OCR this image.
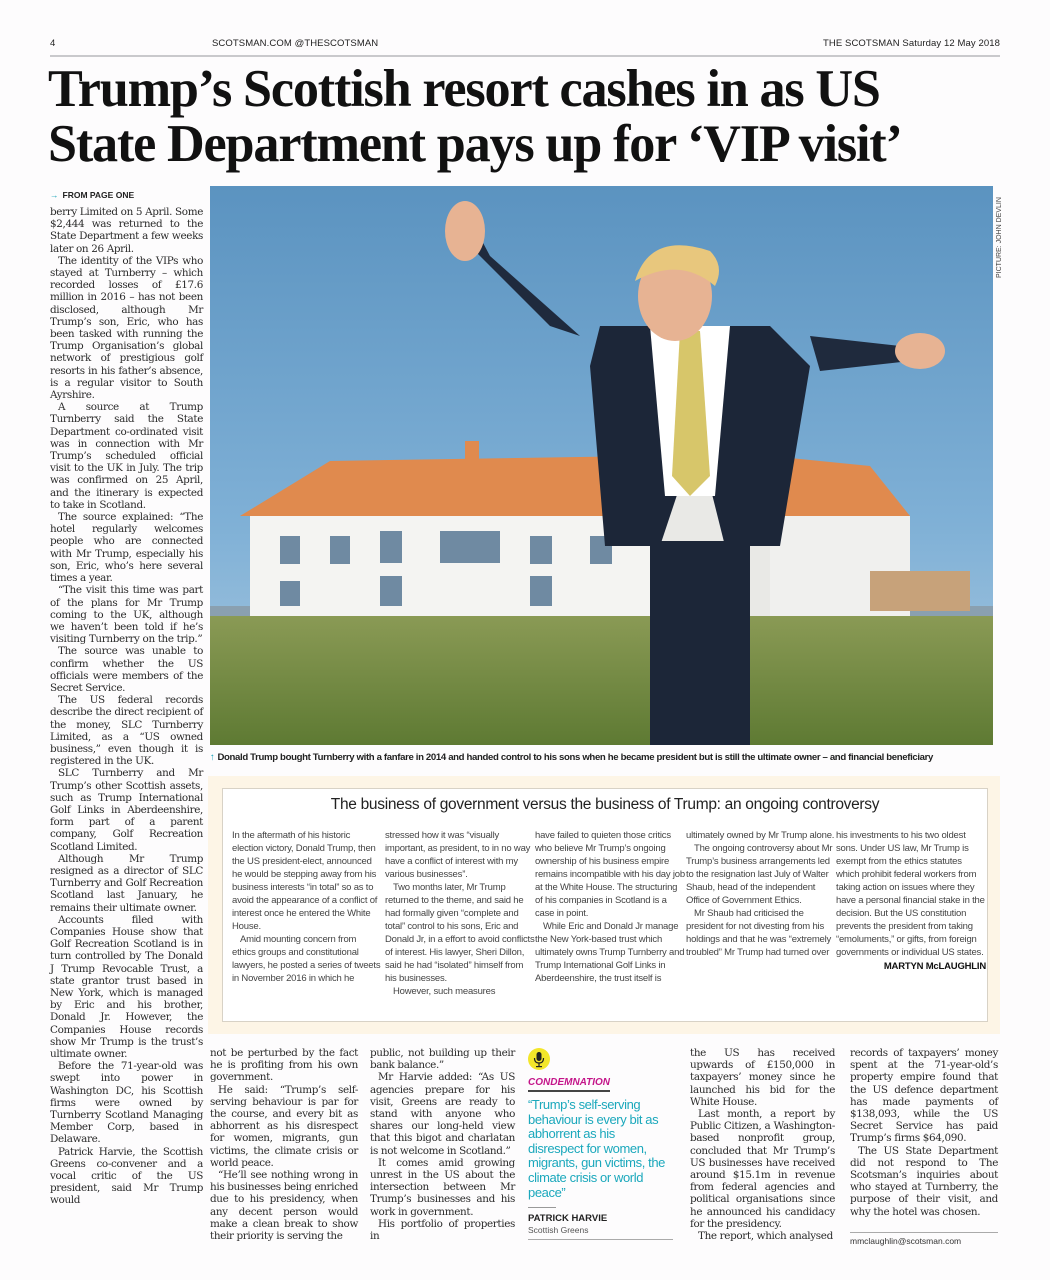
4	SCOTSMAN.COM @THESCOTSMAN	THE SCOTSMAN Saturday 12 May 2018
Trump’s Scottish resort cashes in as US
State Department pays up for ‘VIP visit’
→ FROM PAGE ONE

berry Limited on 5 April. Some $2,444 was returned to the State Department a few weeks later on 26 April.

The identity of the VIPs who stayed at Turnberry – which recorded losses of £17.6 million in 2016 – has not been disclosed, although Mr Trump’s son, Eric, who has been tasked with running the Trump Organisation’s global network of prestigious golf resorts in his father’s absence, is a regular visitor to South Ayrshire.

A source at Trump Turnberry said the State Department co-ordinated visit was in connection with Mr Trump’s scheduled official visit to the UK in July. The trip was confirmed on 25 April, and the itinerary is expected to take in Scotland.

The source explained: “The hotel regularly welcomes people who are connected with Mr Trump, especially his son, Eric, who’s here several times a year.

“The visit this time was part of the plans for Mr Trump coming to the UK, although we haven’t been told if he’s visiting Turnberry on the trip.”

The source was unable to confirm whether the US officials were members of the Secret Service.

The US federal records describe the direct recipient of the money, SLC Turnberry Limited, as a “US owned business,” even though it is registered in the UK.

SLC Turnberry and Mr Trump’s other Scottish assets, such as Trump International Golf Links in Aberdeenshire, form part of a parent company, Golf Recreation Scotland Limited.

Although Mr Trump resigned as a director of SLC Turnberry and Golf Recreation Scotland last January, he remains their ultimate owner.

Accounts filed with Companies House show that Golf Recreation Scotland is in turn controlled by The Donald J Trump Revocable Trust, a state grantor trust based in New York, which is managed by Eric and his brother, Donald Jr. However, the Companies House records show Mr Trump is the trust’s ultimate owner.

Before the 71-year-old was swept into power in Washington DC, his Scottish firms were owned by Turnberry Scotland Managing Member Corp, based in Delaware.

Patrick Harvie, the Scottish Greens co-convener and a vocal critic of the US president, said Mr Trump would

PICTURE: JOHN DEVLIN
↑ Donald Trump bought Turnberry with a fanfare in 2014 and handed control to his sons when he became president but is still the ultimate owner – and financial beneficiary
The business of government versus the business of Trump: an ongoing controversy

In the aftermath of his historic election victory, Donald Trump, then the US president-elect, announced he would be stepping away from his business interests “in total” so as to avoid the appearance of a conflict of interest once he entered the White House.

Amid mounting concern from ethics groups and constitutional lawyers, he posted a series of tweets in November 2016 in which he

stressed how it was “visually important, as president, to in no way have a conflict of interest with my various businesses”.

Two months later, Mr Trump returned to the theme, and said he had formally given “complete and total” control to his sons, Eric and Donald Jr, in a effort to avoid conflicts of interest. His lawyer, Sheri Dillon, said he had “isolated” himself from his businesses.

However, such measures

have failed to quieten those critics who believe Mr Trump’s ongoing ownership of his business empire remains incompatible with his day job at the White House. The structuring of his companies in Scotland is a case in point.

While Eric and Donald Jr manage the New York-based trust which ultimately owns Trump Turnberry and Trump International Golf Links in Aberdeenshire, the trust itself is

ultimately owned by Mr Trump alone.

The ongoing controversy about Mr Trump’s business arrangements led to the resignation last July of Walter Shaub, head of the independent Office of Government Ethics.

Mr Shaub had criticised the president for not divesting from his holdings and that he was “extremely troubled” Mr Trump had turned over

his investments to his two oldest sons. Under US law, Mr Trump is exempt from the ethics statutes which prohibit federal workers from taking action on issues where they have a personal financial stake in the decision. But the US constitution prevents the president from taking “emoluments,” or gifts, from foreign governments or individual US states.

MARTYN McLAUGHLIN

not be perturbed by the fact he is profiting from his own government.

He said: “Trump’s self-serving behaviour is par for the course, and every bit as abhorrent as his disrespect for women, migrants, gun victims, the climate crisis or world peace.

“He’ll see nothing wrong in his businesses being enriched due to his presidency, when any decent person would make a clean break to show their priority is serving the

public, not building up their bank balance.”

Mr Harvie added: “As US agencies prepare for his visit, Greens are ready to stand with anyone who shares our long-held view that this bigot and charlatan is not welcome in Scotland.”

It comes amid growing unrest in the US about the intersection between Mr Trump’s businesses and his work in government.

His portfolio of properties in

CONDEMNATION
“Trump’s self-serving behaviour is every bit as abhorrent as his disrespect for women, migrants, gun victims, the climate crisis or world peace”
PATRICK HARVIE
Scottish Greens

the US has received upwards of £150,000 in taxpayers’ money since he launched his bid for the White House.

Last month, a report by Public Citizen, a Washington-based nonprofit group, concluded that Mr Trump’s US businesses have received around $15.1m in revenue from federal agencies and political organisations since he announced his candidacy for the presidency.

The report, which analysed

records of taxpayers’ money spent at the 71-year-old’s property empire found that the US defence department has made payments of $138,093, while the US Secret Service has paid Trump’s firms $64,090.

The US State Department did not respond to The Scotsman’s inquiries about who stayed at Turnberry, the purpose of their visit, and why the hotel was chosen.

mmclaughlin@scotsman.com
